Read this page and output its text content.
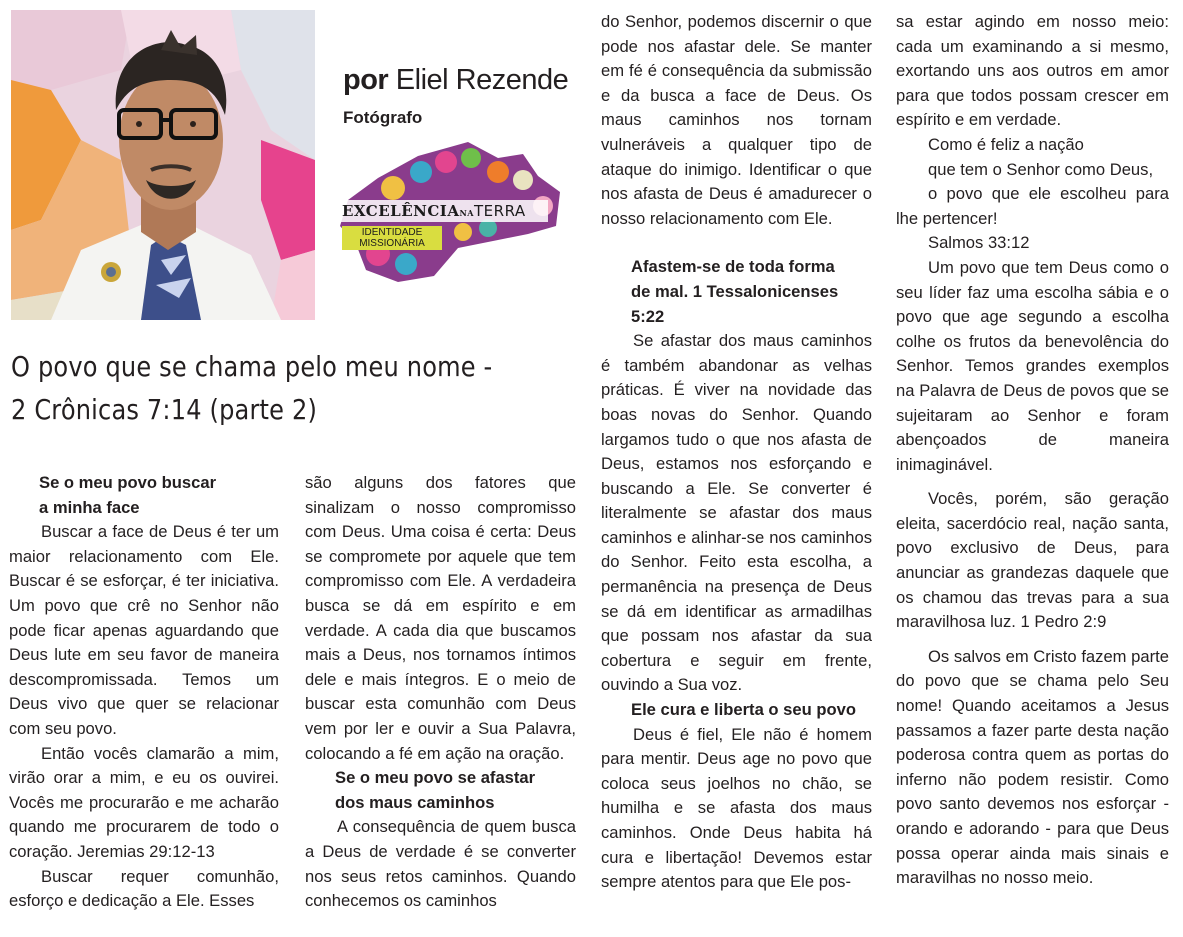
por Eliel Rezende
Fotógrafo
EXCELÊNCIANATERRA
IDENTIDADE
MISSIONÁRIA
O povo que se chama pelo meu nome -
2 Crônicas 7:14 (parte 2)
Se o meu povo buscar
a minha face

Buscar a face de Deus é ter um maior relacionamento com Ele. Buscar é se esforçar, é ter iniciativa. Um povo que crê no Senhor não pode ficar apenas aguardando que Deus lute em seu favor de maneira descompromissada. Temos um Deus vivo que quer se relacionar com seu povo.

Então vocês clamarão a mim, virão orar a mim, e eu os ouvirei. Vocês me procurarão e me acharão quando me procurarem de todo o coração. Jeremias 29:12-13

Buscar requer comunhão, esforço e dedicação a Ele. Esses

são alguns dos fatores que sinalizam o nosso compromisso com Deus. Uma coisa é certa: Deus se compromete por aquele que tem compromisso com Ele. A verdadeira busca se dá em espírito e em verdade. A cada dia que buscamos mais a Deus, nos tornamos íntimos dele e mais íntegros. E o meio de buscar esta comunhão com Deus vem por ler e ouvir a Sua Palavra, colocando a fé em ação na oração.

Se o meu povo se afastar
dos maus caminhos

A consequência de quem busca a Deus de verdade é se converter nos seus retos caminhos. Quando conhecemos os caminhos

do Senhor, podemos discernir o que pode nos afastar dele. Se manter em fé é consequência da submissão e da busca a face de Deus. Os maus caminhos nos tornam vulneráveis a qualquer tipo de ataque do inimigo. Identificar o que nos afasta de Deus é amadurecer o nosso relacionamento com Ele.

Afastem-se de toda forma
de mal. 1 Tessalonicenses 5:22

Se afastar dos maus caminhos é também abandonar as velhas práticas. É viver na novidade das boas novas do Senhor. Quando largamos tudo o que nos afasta de Deus, estamos nos esforçando e buscando a Ele. Se converter é literalmente se afastar dos maus caminhos e alinhar-se nos caminhos do Senhor. Feito esta escolha, a permanência na presença de Deus se dá em identificar as armadilhas que possam nos afastar da sua cobertura e seguir em frente, ouvindo a Sua voz.

Ele cura e liberta o seu povo

Deus é fiel, Ele não é homem para mentir. Deus age no povo que coloca seus joelhos no chão, se humilha e se afasta dos maus caminhos. Onde Deus habita há cura e libertação! Devemos estar sempre atentos para que Ele pos-

sa estar agindo em nosso meio: cada um examinando a si mesmo, exortando uns aos outros em amor para que todos possam crescer em espírito e em verdade.

Como é feliz a nação

que tem o Senhor como Deus,

o povo que ele escolheu para lhe pertencer!

Salmos 33:12

Um povo que tem Deus como o seu líder faz uma escolha sábia e o povo que age segundo a escolha colhe os frutos da benevolência do Senhor. Temos grandes exemplos na Palavra de Deus de povos que se sujeitaram ao Senhor e foram abençoados de maneira inimaginável.

Vocês, porém, são geração eleita, sacerdócio real, nação santa, povo exclusivo de Deus, para anunciar as grandezas daquele que os chamou das trevas para a sua maravilhosa luz. 1 Pedro 2:9

Os salvos em Cristo fazem parte do povo que se chama pelo Seu nome! Quando aceitamos a Jesus passamos a fazer parte desta nação poderosa contra quem as portas do inferno não podem resistir. Como povo santo devemos nos esforçar - orando e adorando - para que Deus possa operar ainda mais sinais e maravilhas no nosso meio.
